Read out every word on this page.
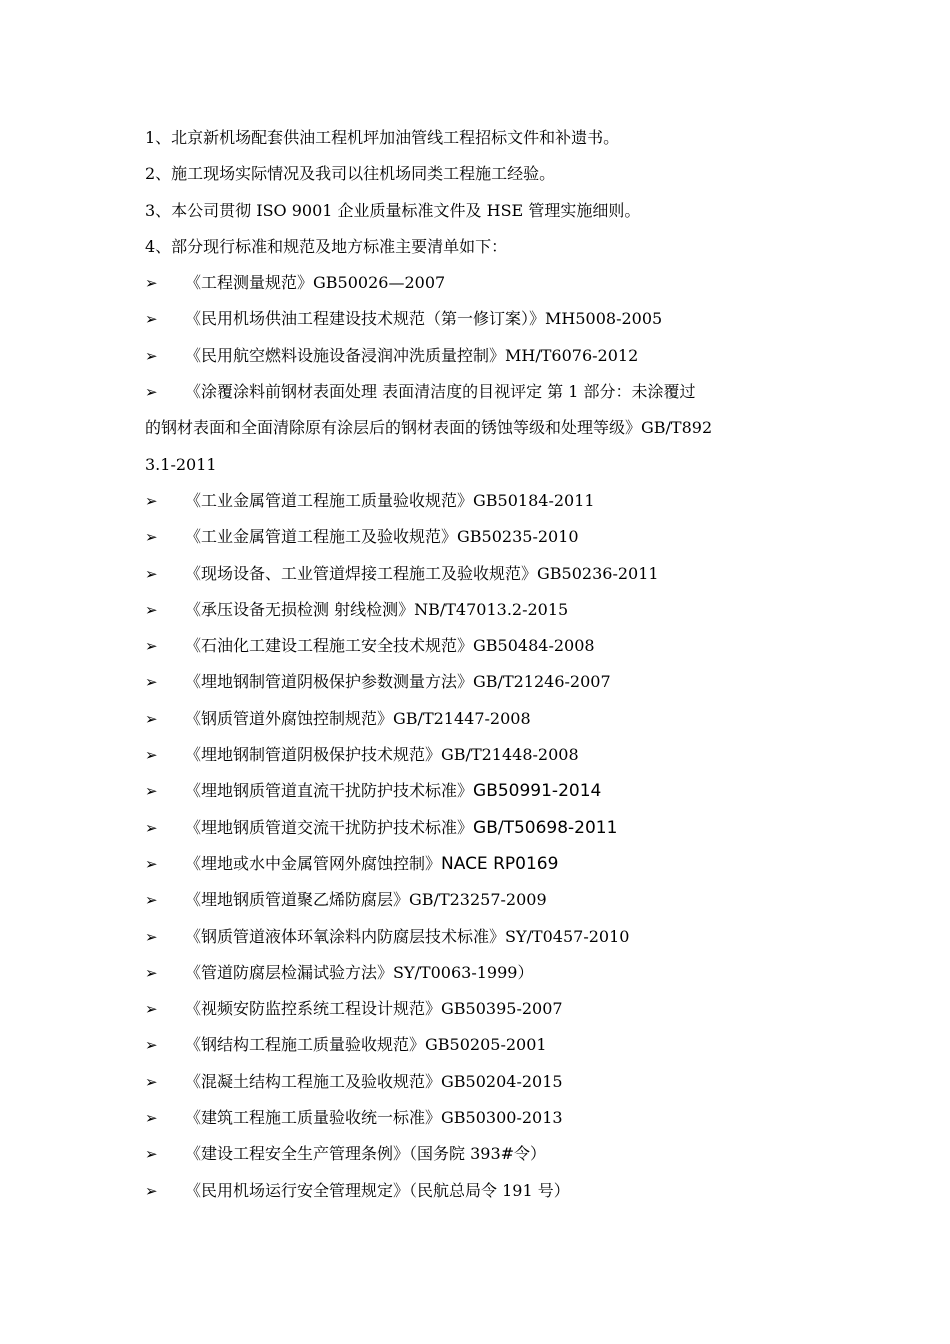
1、北京新机场配套供油工程机坪加油管线工程招标文件和补遗书。
2、施工现场实际情况及我司以往机场同类工程施工经验。
3、本公司贯彻 ISO 9001 企业质量标准文件及 HSE 管理实施细则。
4、部分现行标准和规范及地方标准主要清单如下：
➢	《工程测量规范》GB50026—2007
➢	《民用机场供油工程建设技术规范（第一修订案）》MH5008-2005
➢	《民用航空燃料设施设备浸润冲洗质量控制》MH/T6076-2012
➢	《涂覆涂料前钢材表面处理 表面清洁度的目视评定 第 1 部分：未涂覆过
的钢材表面和全面清除原有涂层后的钢材表面的锈蚀等级和处理等级》GB/T892
3.1-2011
➢	《工业金属管道工程施工质量验收规范》GB50184-2011
➢	《工业金属管道工程施工及验收规范》GB50235-2010
➢	《现场设备、工业管道焊接工程施工及验收规范》GB50236-2011
➢	《承压设备无损检测 射线检测》NB/T47013.2-2015
➢	《石油化工建设工程施工安全技术规范》GB50484-2008
➢	《埋地钢制管道阴极保护参数测量方法》GB/T21246-2007
➢	《钢质管道外腐蚀控制规范》GB/T21447-2008
➢	《埋地钢制管道阴极保护技术规范》GB/T21448-2008
➢	《埋地钢质管道直流干扰防护技术标准》GB50991-2014
➢	《埋地钢质管道交流干扰防护技术标准》GB/T50698-2011
➢	《埋地或水中金属管网外腐蚀控制》NACE RP0169
➢	《埋地钢质管道聚乙烯防腐层》GB/T23257-2009
➢	《钢质管道液体环氧涂料内防腐层技术标准》SY/T0457-2010
➢	《管道防腐层检漏试验方法》SY/T0063-1999）
➢	《视频安防监控系统工程设计规范》GB50395-2007
➢	《钢结构工程施工质量验收规范》GB50205-2001
➢	《混凝土结构工程施工及验收规范》GB50204-2015
➢	《建筑工程施工质量验收统一标准》GB50300-2013
➢	《建设工程安全生产管理条例》（国务院 393#令）
➢	《民用机场运行安全管理规定》（民航总局令 191 号）
